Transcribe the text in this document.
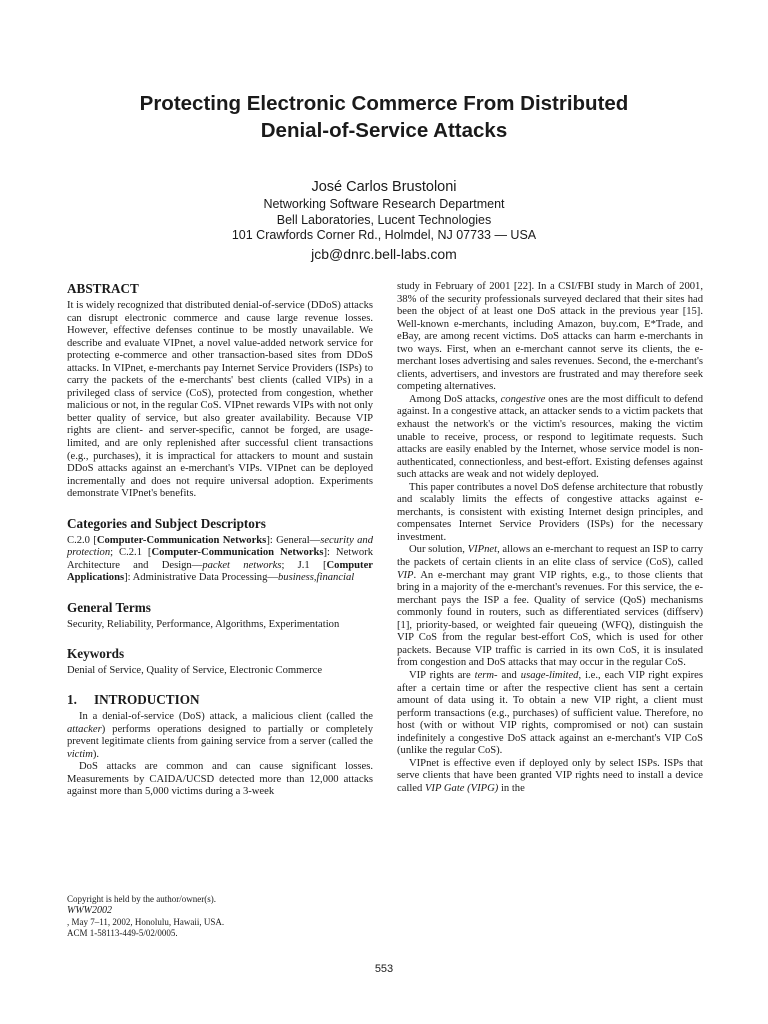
Protecting Electronic Commerce From Distributed
Denial-of-Service Attacks
José Carlos Brustoloni
Networking Software Research Department
Bell Laboratories, Lucent Technologies
101 Crawfords Corner Rd., Holmdel, NJ 07733 — USA
jcb@dnrc.bell-labs.com
ABSTRACT

It is widely recognized that distributed denial-of-service (DDoS) attacks can disrupt electronic commerce and cause large revenue losses. However, effective defenses continue to be mostly unavailable. We describe and evaluate VIPnet, a novel value-added network service for protecting e-commerce and other transaction-based sites from DDoS attacks. In VIPnet, e-merchants pay Internet Service Providers (ISPs) to carry the packets of the e-merchants' best clients (called VIPs) in a privileged class of service (CoS), protected from congestion, whether malicious or not, in the regular CoS. VIPnet rewards VIPs with not only better quality of service, but also greater availability. Because VIP rights are client- and server-specific, cannot be forged, are usage-limited, and are only replenished after successful client transactions (e.g., purchases), it is impractical for attackers to mount and sustain DDoS attacks against an e-merchant's VIPs. VIPnet can be deployed incrementally and does not require universal adoption. Experiments demonstrate VIPnet's benefits.

Categories and Subject Descriptors

C.2.0 [Computer-Communication Networks]: General—security and protection; C.2.1 [Computer-Communication Networks]: Network Architecture and Design—packet networks; J.1 [Computer Applications]: Administrative Data Processing—business,financial

General Terms

Security, Reliability, Performance, Algorithms, Experimentation

Keywords

Denial of Service, Quality of Service, Electronic Commerce

1. INTRODUCTION

In a denial-of-service (DoS) attack, a malicious client (called the attacker) performs operations designed to partially or completely prevent legitimate clients from gaining service from a server (called the victim).

DoS attacks are common and can cause significant losses. Measurements by CAIDA/UCSD detected more than 12,000 attacks against more than 5,000 victims during a 3-week

Copyright is held by the author/owner(s).
WWW2002
, May 7–11, 2002, Honolulu, Hawaii, USA.
ACM 1-58113-449-5/02/0005.

study in February of 2001 [22]. In a CSI/FBI study in March of 2001, 38% of the security professionals surveyed declared that their sites had been the object of at least one DoS attack in the previous year [15]. Well-known e-merchants, including Amazon, buy.com, E*Trade, and eBay, are among recent victims. DoS attacks can harm e-merchants in two ways. First, when an e-merchant cannot serve its clients, the e-merchant loses advertising and sales revenues. Second, the e-merchant's clients, advertisers, and investors are frustrated and may therefore seek competing alternatives.

Among DoS attacks, congestive ones are the most difficult to defend against. In a congestive attack, an attacker sends to a victim packets that exhaust the network's or the victim's resources, making the victim unable to receive, process, or respond to legitimate requests. Such attacks are easily enabled by the Internet, whose service model is non-authenticated, connectionless, and best-effort. Existing defenses against such attacks are weak and not widely deployed.

This paper contributes a novel DoS defense architecture that robustly and scalably limits the effects of congestive attacks against e-merchants, is consistent with existing Internet design principles, and compensates Internet Service Providers (ISPs) for the necessary investment.

Our solution, VIPnet, allows an e-merchant to request an ISP to carry the packets of certain clients in an elite class of service (CoS), called VIP. An e-merchant may grant VIP rights, e.g., to those clients that bring in a majority of the e-merchant's revenues. For this service, the e-merchant pays the ISP a fee. Quality of service (QoS) mechanisms commonly found in routers, such as differentiated services (diffserv) [1], priority-based, or weighted fair queueing (WFQ), distinguish the VIP CoS from the regular best-effort CoS, which is used for other packets. Because VIP traffic is carried in its own CoS, it is insulated from congestion and DoS attacks that may occur in the regular CoS.

VIP rights are term- and usage-limited, i.e., each VIP right expires after a certain time or after the respective client has sent a certain amount of data using it. To obtain a new VIP right, a client must perform transactions (e.g., purchases) of sufficient value. Therefore, no host (with or without VIP rights, compromised or not) can sustain indefinitely a congestive DoS attack against an e-merchant's VIP CoS (unlike the regular CoS).

VIPnet is effective even if deployed only by select ISPs. ISPs that serve clients that have been granted VIP rights need to install a device called VIP Gate (VIPG) in the

553
